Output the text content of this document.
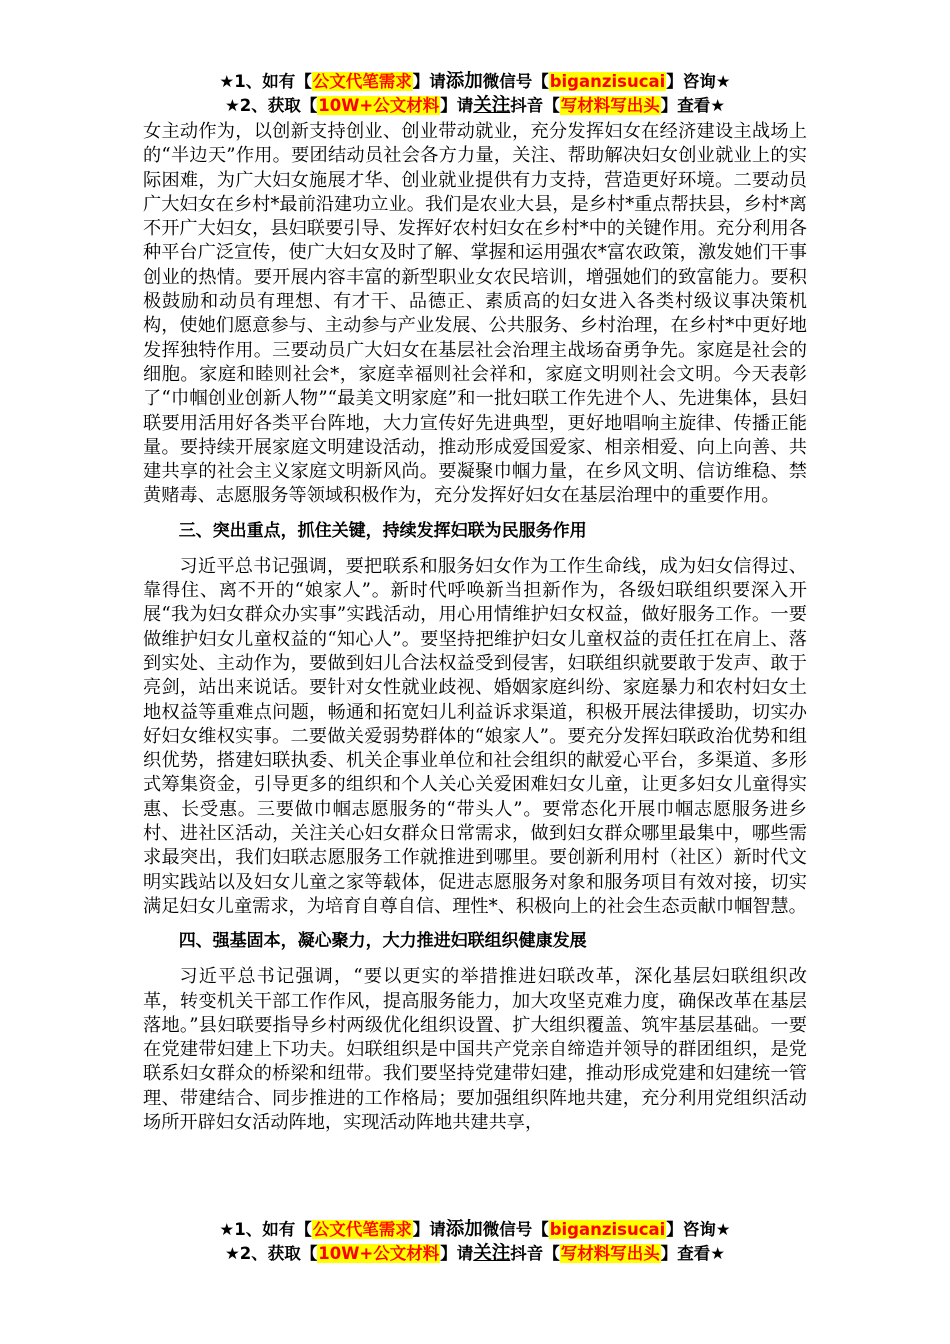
★1、如有【公文代笔需求】请添加微信号【biganzisucai】咨询★
★2、获取【10W+公文材料】请关注抖音【写材料写出头】查看★

女主动作为，以创新支持创业、创业带动就业，充分发挥妇女在经济建设主战场上的“半边天”作用。要团结动员社会各方力量，关注、帮助解决妇女创业就业上的实际困难，为广大妇女施展才华、创业就业提供有力支持，营造更好环境。二要动员广大妇女在乡村*最前沿建功立业。我们是农业大县，是乡村*重点帮扶县，乡村*离不开广大妇女，县妇联要引导、发挥好农村妇女在乡村*中的关键作用。充分利用各种平台广泛宣传，使广大妇女及时了解、掌握和运用强农*富农政策，激发她们干事创业的热情。要开展内容丰富的新型职业女农民培训，增强她们的致富能力。要积极鼓励和动员有理想、有才干、品德正、素质高的妇女进入各类村级议事决策机构，使她们愿意参与、主动参与产业发展、公共服务、乡村治理，在乡村*中更好地发挥独特作用。三要动员广大妇女在基层社会治理主战场奋勇争先。家庭是社会的细胞。家庭和睦则社会*，家庭幸福则社会祥和，家庭文明则社会文明。今天表彰了“巾帼创业创新人物”“最美文明家庭”和一批妇联工作先进个人、先进集体，县妇联要用活用好各类平台阵地，大力宣传好先进典型，更好地唱响主旋律、传播正能量。要持续开展家庭文明建设活动，推动形成爱国爱家、相亲相爱、向上向善、共建共享的社会主义家庭文明新风尚。要凝聚巾帼力量，在乡风文明、信访维稳、禁黄赌毒、志愿服务等领域积极作为，充分发挥好妇女在基层治理中的重要作用。

三、突出重点，抓住关键，持续发挥妇联为民服务作用

习近平总书记强调，要把联系和服务妇女作为工作生命线，成为妇女信得过、靠得住、离不开的“娘家人”。新时代呼唤新当担新作为，各级妇联组织要深入开展“我为妇女群众办实事”实践活动，用心用情维护妇女权益，做好服务工作。一要做维护妇女儿童权益的“知心人”。要坚持把维护妇女儿童权益的责任扛在肩上、落到实处、主动作为，要做到妇儿合法权益受到侵害，妇联组织就要敢于发声、敢于亮剑，站出来说话。要针对女性就业歧视、婚姻家庭纠纷、家庭暴力和农村妇女土地权益等重难点问题，畅通和拓宽妇儿利益诉求渠道，积极开展法律援助，切实办好妇女维权实事。二要做关爱弱势群体的“娘家人”。要充分发挥妇联政治优势和组织优势，搭建妇联执委、机关企事业单位和社会组织的献爱心平台，多渠道、多形式筹集资金，引导更多的组织和个人关心关爱困难妇女儿童，让更多妇女儿童得实惠、长受惠。三要做巾帼志愿服务的“带头人”。要常态化开展巾帼志愿服务进乡村、进社区活动，关注关心妇女群众日常需求，做到妇女群众哪里最集中，哪些需求最突出，我们妇联志愿服务工作就推进到哪里。要创新利用村（社区）新时代文明实践站以及妇女儿童之家等载体，促进志愿服务对象和服务项目有效对接，切实满足妇女儿童需求，为培育自尊自信、理性*、积极向上的社会生态贡献巾帼智慧。

四、强基固本，凝心聚力，大力推进妇联组织健康发展

习近平总书记强调，“要以更实的举措推进妇联改革，深化基层妇联组织改革，转变机关干部工作作风，提高服务能力，加大攻坚克难力度，确保改革在基层落地。”县妇联要指导乡村两级优化组织设置、扩大组织覆盖、筑牢基层基础。一要在党建带妇建上下功夫。妇联组织是中国共产党亲自缔造并领导的群团组织，是党联系妇女群众的桥梁和纽带。我们要坚持党建带妇建，推动形成党建和妇建统一管理、带建结合、同步推进的工作格局；要加强组织阵地共建，充分利用党组织活动场所开辟妇女活动阵地，实现活动阵地共建共享，

★1、如有【公文代笔需求】请添加微信号【biganzisucai】咨询★
★2、获取【10W+公文材料】请关注抖音【写材料写出头】查看★
